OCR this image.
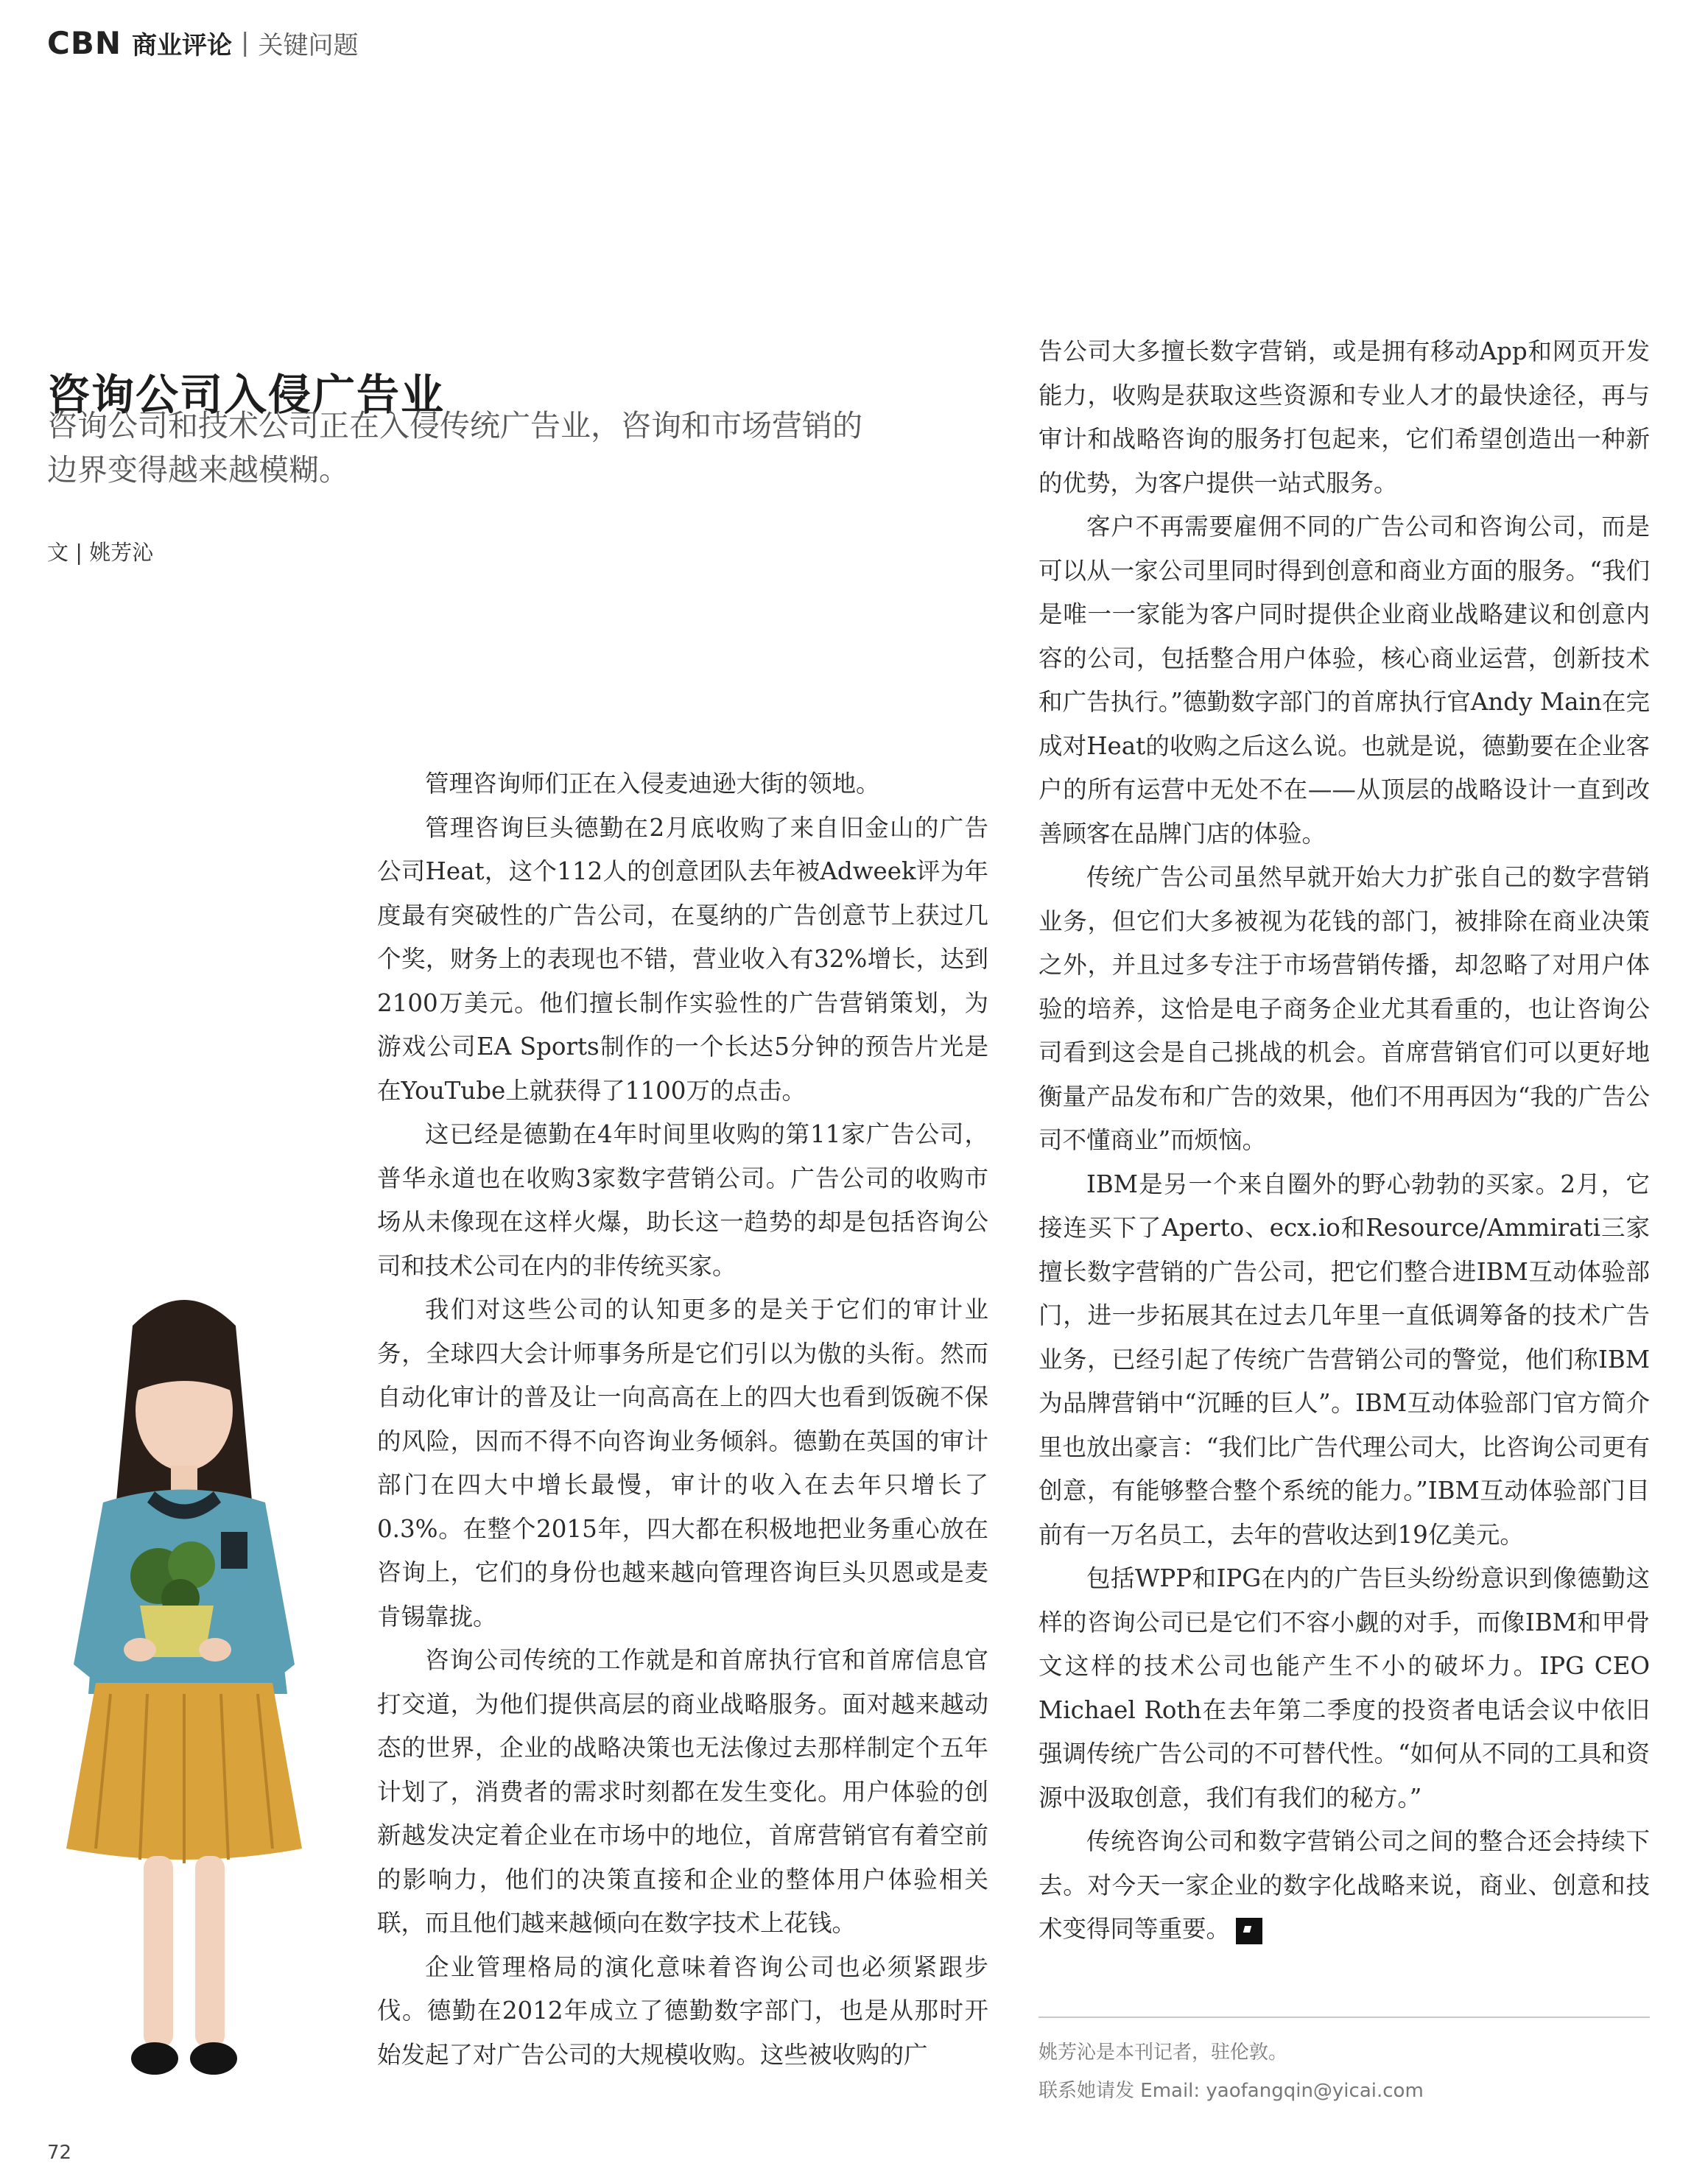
CBN 商业评论 | 关键问题
咨询公司入侵广告业
咨询公司和技术公司正在入侵传统广告业，咨询和市场营销的边界变得越来越模糊。
文 | 姚芳沁

管理咨询师们正在入侵麦迪逊大街的领地。

管理咨询巨头德勤在2月底收购了来自旧金山的广告公司Heat，这个112人的创意团队去年被Adweek评为年度最有突破性的广告公司，在戛纳的广告创意节上获过几个奖，财务上的表现也不错，营业收入有32%增长，达到2100万美元。他们擅长制作实验性的广告营销策划，为游戏公司EA Sports制作的一个长达5分钟的预告片光是在YouTube上就获得了1100万的点击。

这已经是德勤在4年时间里收购的第11家广告公司，普华永道也在收购3家数字营销公司。广告公司的收购市场从未像现在这样火爆，助长这一趋势的却是包括咨询公司和技术公司在内的非传统买家。

我们对这些公司的认知更多的是关于它们的审计业务，全球四大会计师事务所是它们引以为傲的头衔。然而自动化审计的普及让一向高高在上的四大也看到饭碗不保的风险，因而不得不向咨询业务倾斜。德勤在英国的审计部门在四大中增长最慢，审计的收入在去年只增长了0.3%。在整个2015年，四大都在积极地把业务重心放在咨询上，它们的身份也越来越向管理咨询巨头贝恩或是麦肯锡靠拢。

咨询公司传统的工作就是和首席执行官和首席信息官打交道，为他们提供高层的商业战略服务。面对越来越动态的世界，企业的战略决策也无法像过去那样制定个五年计划了，消费者的需求时刻都在发生变化。用户体验的创新越发决定着企业在市场中的地位，首席营销官有着空前的影响力，他们的决策直接和企业的整体用户体验相关联，而且他们越来越倾向在数字技术上花钱。

企业管理格局的演化意味着咨询公司也必须紧跟步伐。德勤在2012年成立了德勤数字部门，也是从那时开始发起了对广告公司的大规模收购。这些被收购的广

告公司大多擅长数字营销，或是拥有移动App和网页开发能力，收购是获取这些资源和专业人才的最快途径，再与审计和战略咨询的服务打包起来，它们希望创造出一种新的优势，为客户提供一站式服务。

客户不再需要雇佣不同的广告公司和咨询公司，而是可以从一家公司里同时得到创意和商业方面的服务。“我们是唯一一家能为客户同时提供企业商业战略建议和创意内容的公司，包括整合用户体验，核心商业运营，创新技术和广告执行。”德勤数字部门的首席执行官Andy Main在完成对Heat的收购之后这么说。也就是说，德勤要在企业客户的所有运营中无处不在——从顶层的战略设计一直到改善顾客在品牌门店的体验。

传统广告公司虽然早就开始大力扩张自己的数字营销业务，但它们大多被视为花钱的部门，被排除在商业决策之外，并且过多专注于市场营销传播，却忽略了对用户体验的培养，这恰是电子商务企业尤其看重的，也让咨询公司看到这会是自己挑战的机会。首席营销官们可以更好地衡量产品发布和广告的效果，他们不用再因为“我的广告公司不懂商业”而烦恼。

IBM是另一个来自圈外的野心勃勃的买家。2月，它接连买下了Aperto、ecx.io和Resource/Ammirati三家擅长数字营销的广告公司，把它们整合进IBM互动体验部门，进一步拓展其在过去几年里一直低调筹备的技术广告业务，已经引起了传统广告营销公司的警觉，他们称IBM为品牌营销中“沉睡的巨人”。IBM互动体验部门官方简介里也放出豪言：“我们比广告代理公司大，比咨询公司更有创意，有能够整合整个系统的能力。”IBM互动体验部门目前有一万名员工，去年的营收达到19亿美元。

包括WPP和IPG在内的广告巨头纷纷意识到像德勤这样的咨询公司已是它们不容小觑的对手，而像IBM和甲骨文这样的技术公司也能产生不小的破坏力。IPG CEO Michael Roth在去年第二季度的投资者电话会议中依旧强调传统广告公司的不可替代性。“如何从不同的工具和资源中汲取创意，我们有我们的秘方。”

传统咨询公司和数字营销公司之间的整合还会持续下去。对今天一家企业的数字化战略来说，商业、创意和技术变得同等重要。

姚芳沁是本刊记者，驻伦敦。
联系她请发 Email: yaofangqin@yicai.com
72
